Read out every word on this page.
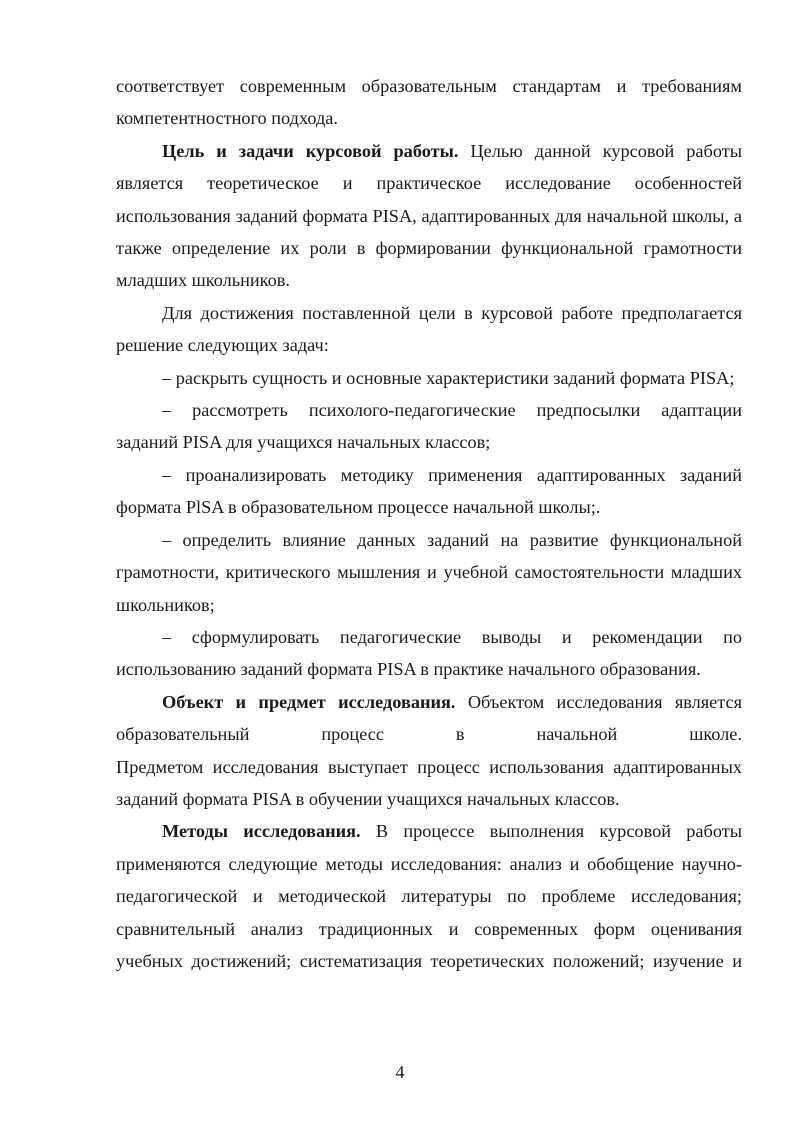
соответствует современным образовательным стандартам и требованиям компетентностного подхода.

Цель и задачи курсовой работы. Целью данной курсовой работы является теоретическое и практическое исследование особенностей использования заданий формата PISA, адаптированных для начальной школы, а также определение их роли в формировании функциональной грамотности младших школьников.

Для достижения поставленной цели в курсовой работе предполагается решение следующих задач:

– раскрыть сущность и основные характеристики заданий формата PISA;

– рассмотреть психолого-педагогические предпосылки адаптации заданий PISA для учащихся начальных классов;

– проанализировать методику применения адаптированных заданий формата PlSA в образовательном процессе начальной школы;.

– определить влияние данных заданий на развитие функциональной грамотности, критического мышления и учебной самостоятельности младших школьников;

– сформулировать педагогические выводы и рекомендации по использованию заданий формата PISA в практике начального образования.

Объект и предмет исследования. Объектом исследования является образовательный процесс в начальной школе.

Предметом исследования выступает процесс использования адаптированных заданий формата PISA в обучении учащихся начальных классов.

Методы исследования. В процессе выполнения курсовой работы применяются следующие методы исследования: анализ и обобщение научно-педагогической и методической литературы по проблеме исследования; сравнительный анализ традиционных и современных форм оценивания учебных достижений; систематизация теоретических положений; изучение и

4
